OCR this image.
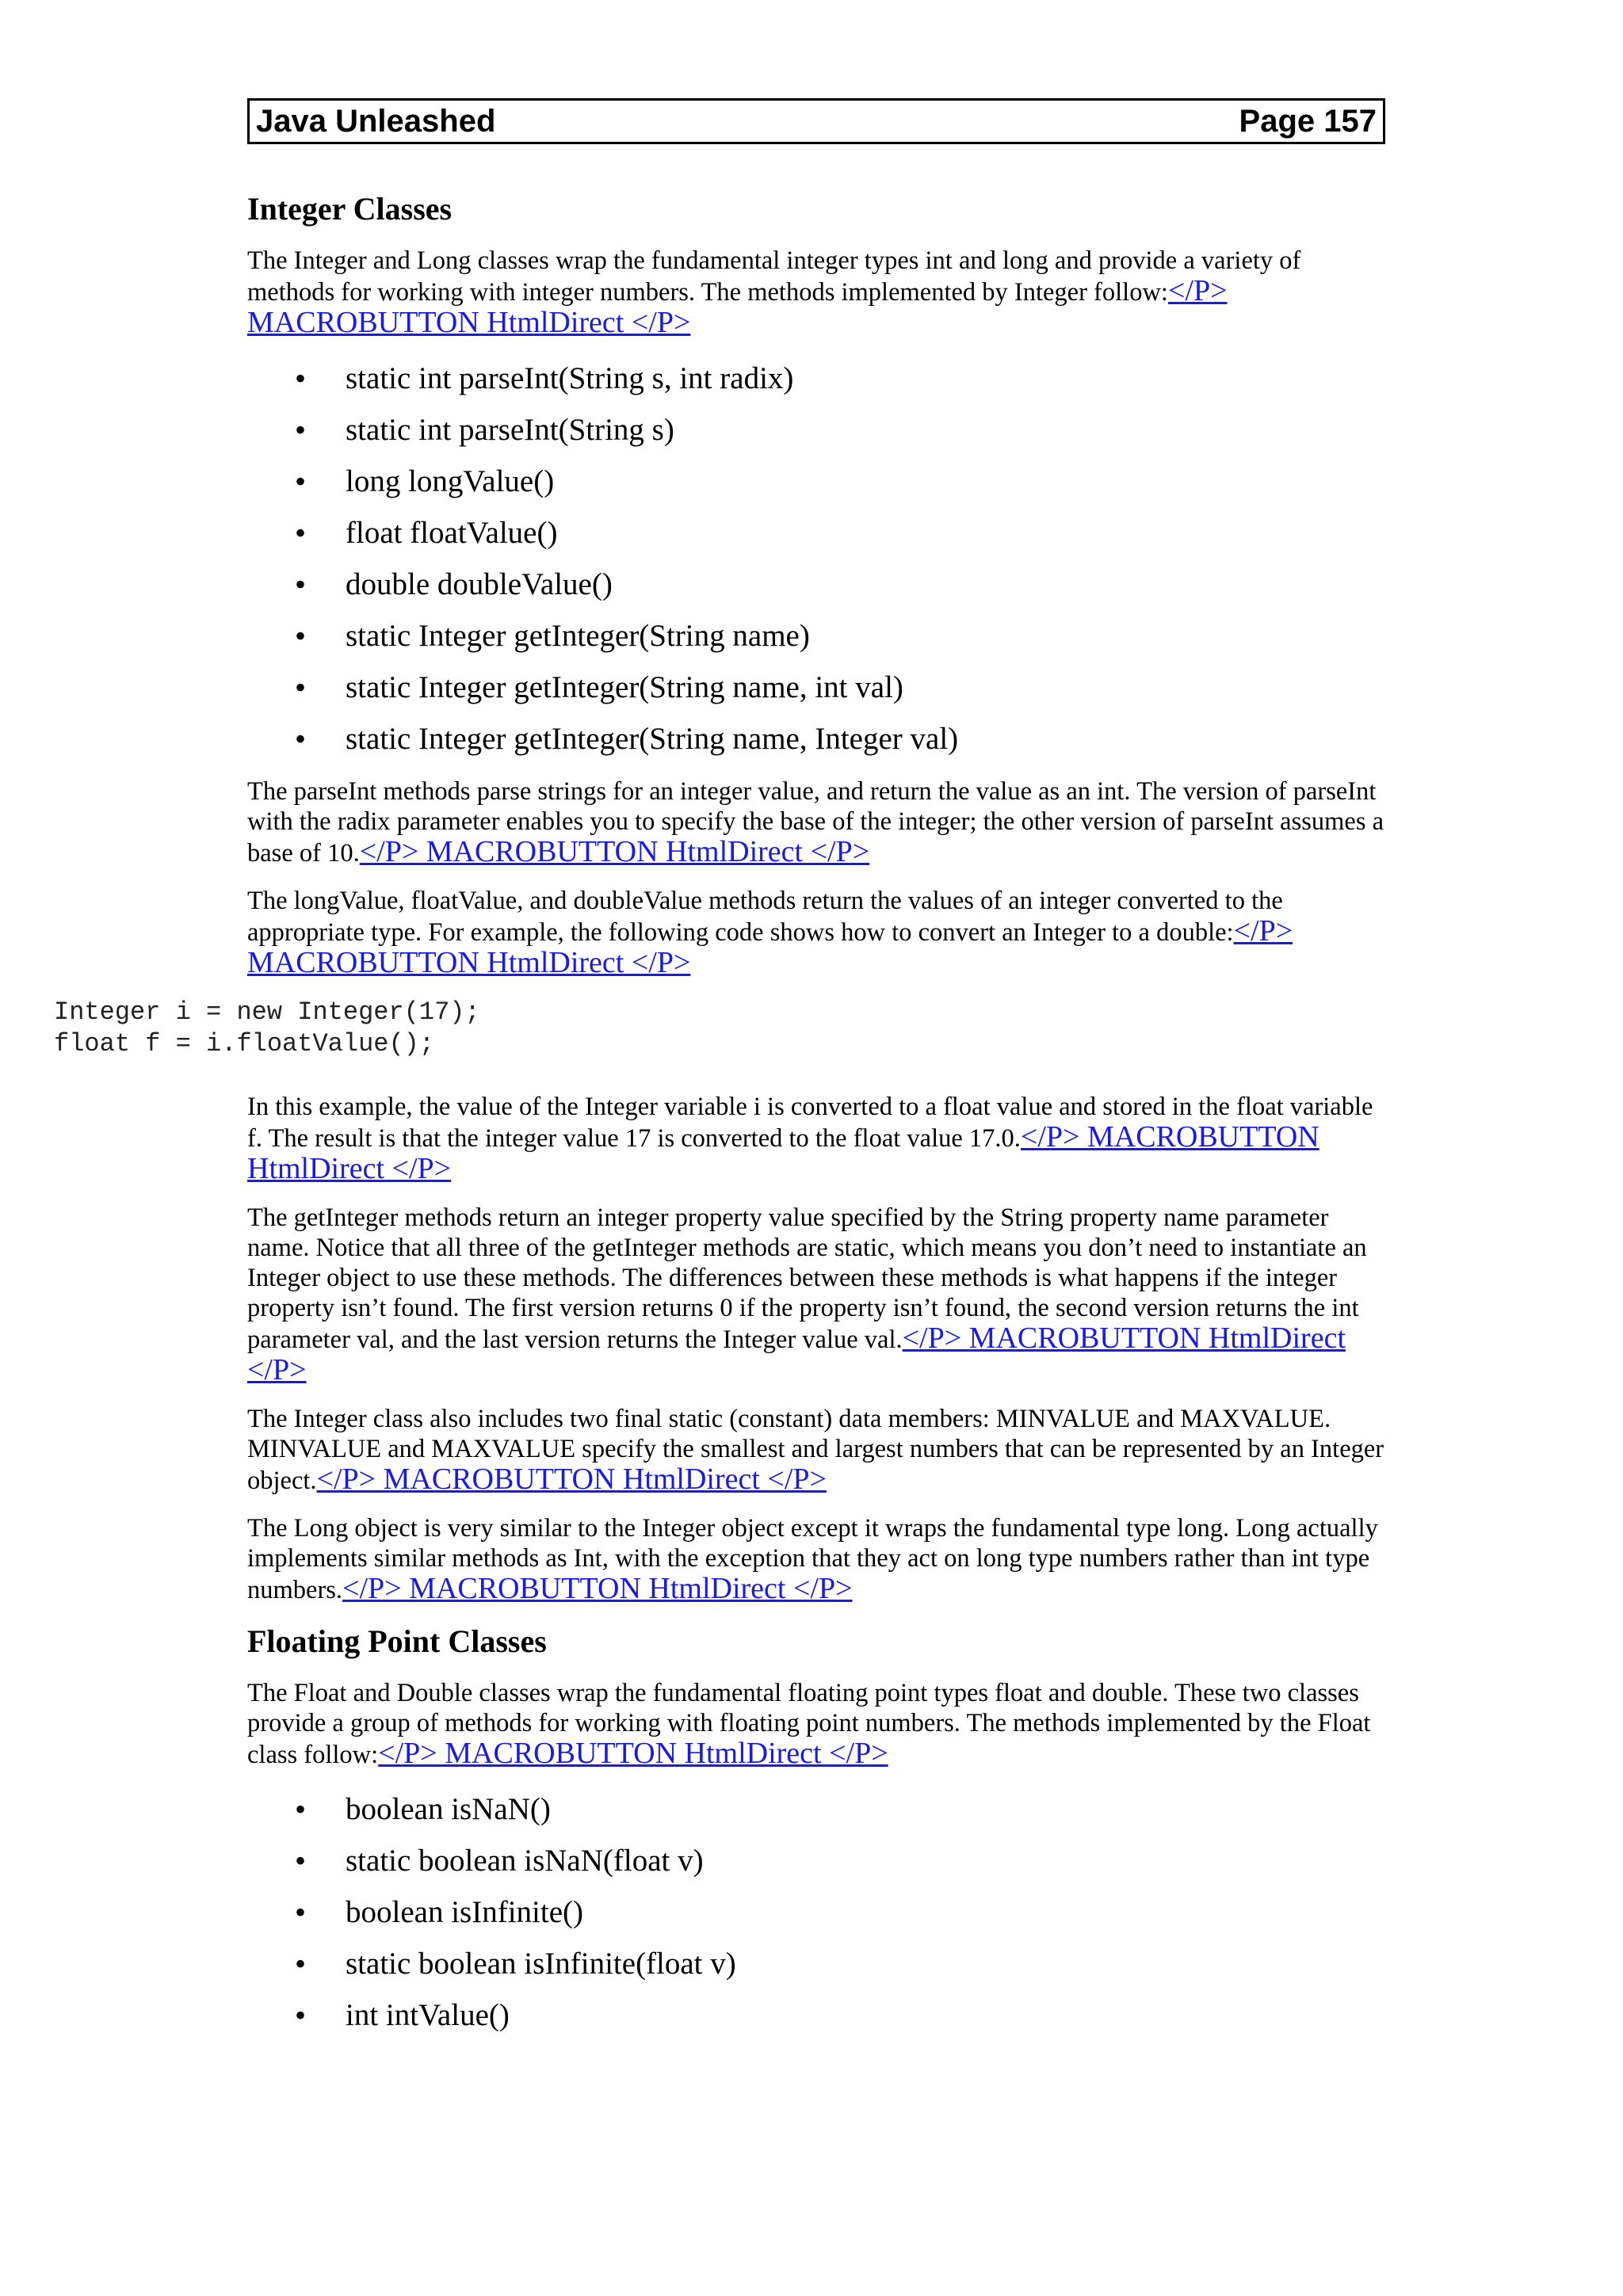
Java Unleashed	Page 157
Integer Classes

The Integer and Long classes wrap the fundamental integer types int and long and provide a variety of methods for working with integer numbers. The methods implemented by Integer follow:</P> MACROBUTTON HtmlDirect </P>

• static int parseInt(String s, int radix)
• static int parseInt(String s)
• long longValue()
• float floatValue()
• double doubleValue()
• static Integer getInteger(String name)
• static Integer getInteger(String name, int val)
• static Integer getInteger(String name, Integer val)

The parseInt methods parse strings for an integer value, and return the value as an int. The version of parseInt with the radix parameter enables you to specify the base of the integer; the other version of parseInt assumes a base of 10.</P> MACROBUTTON HtmlDirect </P>

The longValue, floatValue, and doubleValue methods return the values of an integer converted to the appropriate type. For example, the following code shows how to convert an Integer to a double:</P> MACROBUTTON HtmlDirect </P>

Integer i = new Integer(17);
float f = i.floatValue();

In this example, the value of the Integer variable i is converted to a float value and stored in the float variable f. The result is that the integer value 17 is converted to the float value 17.0.</P> MACROBUTTON HtmlDirect </P>

The getInteger methods return an integer property value specified by the String property name parameter name. Notice that all three of the getInteger methods are static, which means you don’t need to instantiate an Integer object to use these methods. The differences between these methods is what happens if the integer property isn’t found. The first version returns 0 if the property isn’t found, the second version returns the int parameter val, and the last version returns the Integer value val.</P> MACROBUTTON HtmlDirect </P>

The Integer class also includes two final static (constant) data members: MINVALUE and MAXVALUE. MINVALUE and MAXVALUE specify the smallest and largest numbers that can be represented by an Integer object.</P> MACROBUTTON HtmlDirect </P>

The Long object is very similar to the Integer object except it wraps the fundamental type long. Long actually implements similar methods as Int, with the exception that they act on long type numbers rather than int type numbers.</P> MACROBUTTON HtmlDirect </P>

Floating Point Classes

The Float and Double classes wrap the fundamental floating point types float and double. These two classes provide a group of methods for working with floating point numbers. The methods implemented by the Float class follow:</P> MACROBUTTON HtmlDirect </P>

• boolean isNaN()
• static boolean isNaN(float v)
• boolean isInfinite()
• static boolean isInfinite(float v)
• int intValue()
